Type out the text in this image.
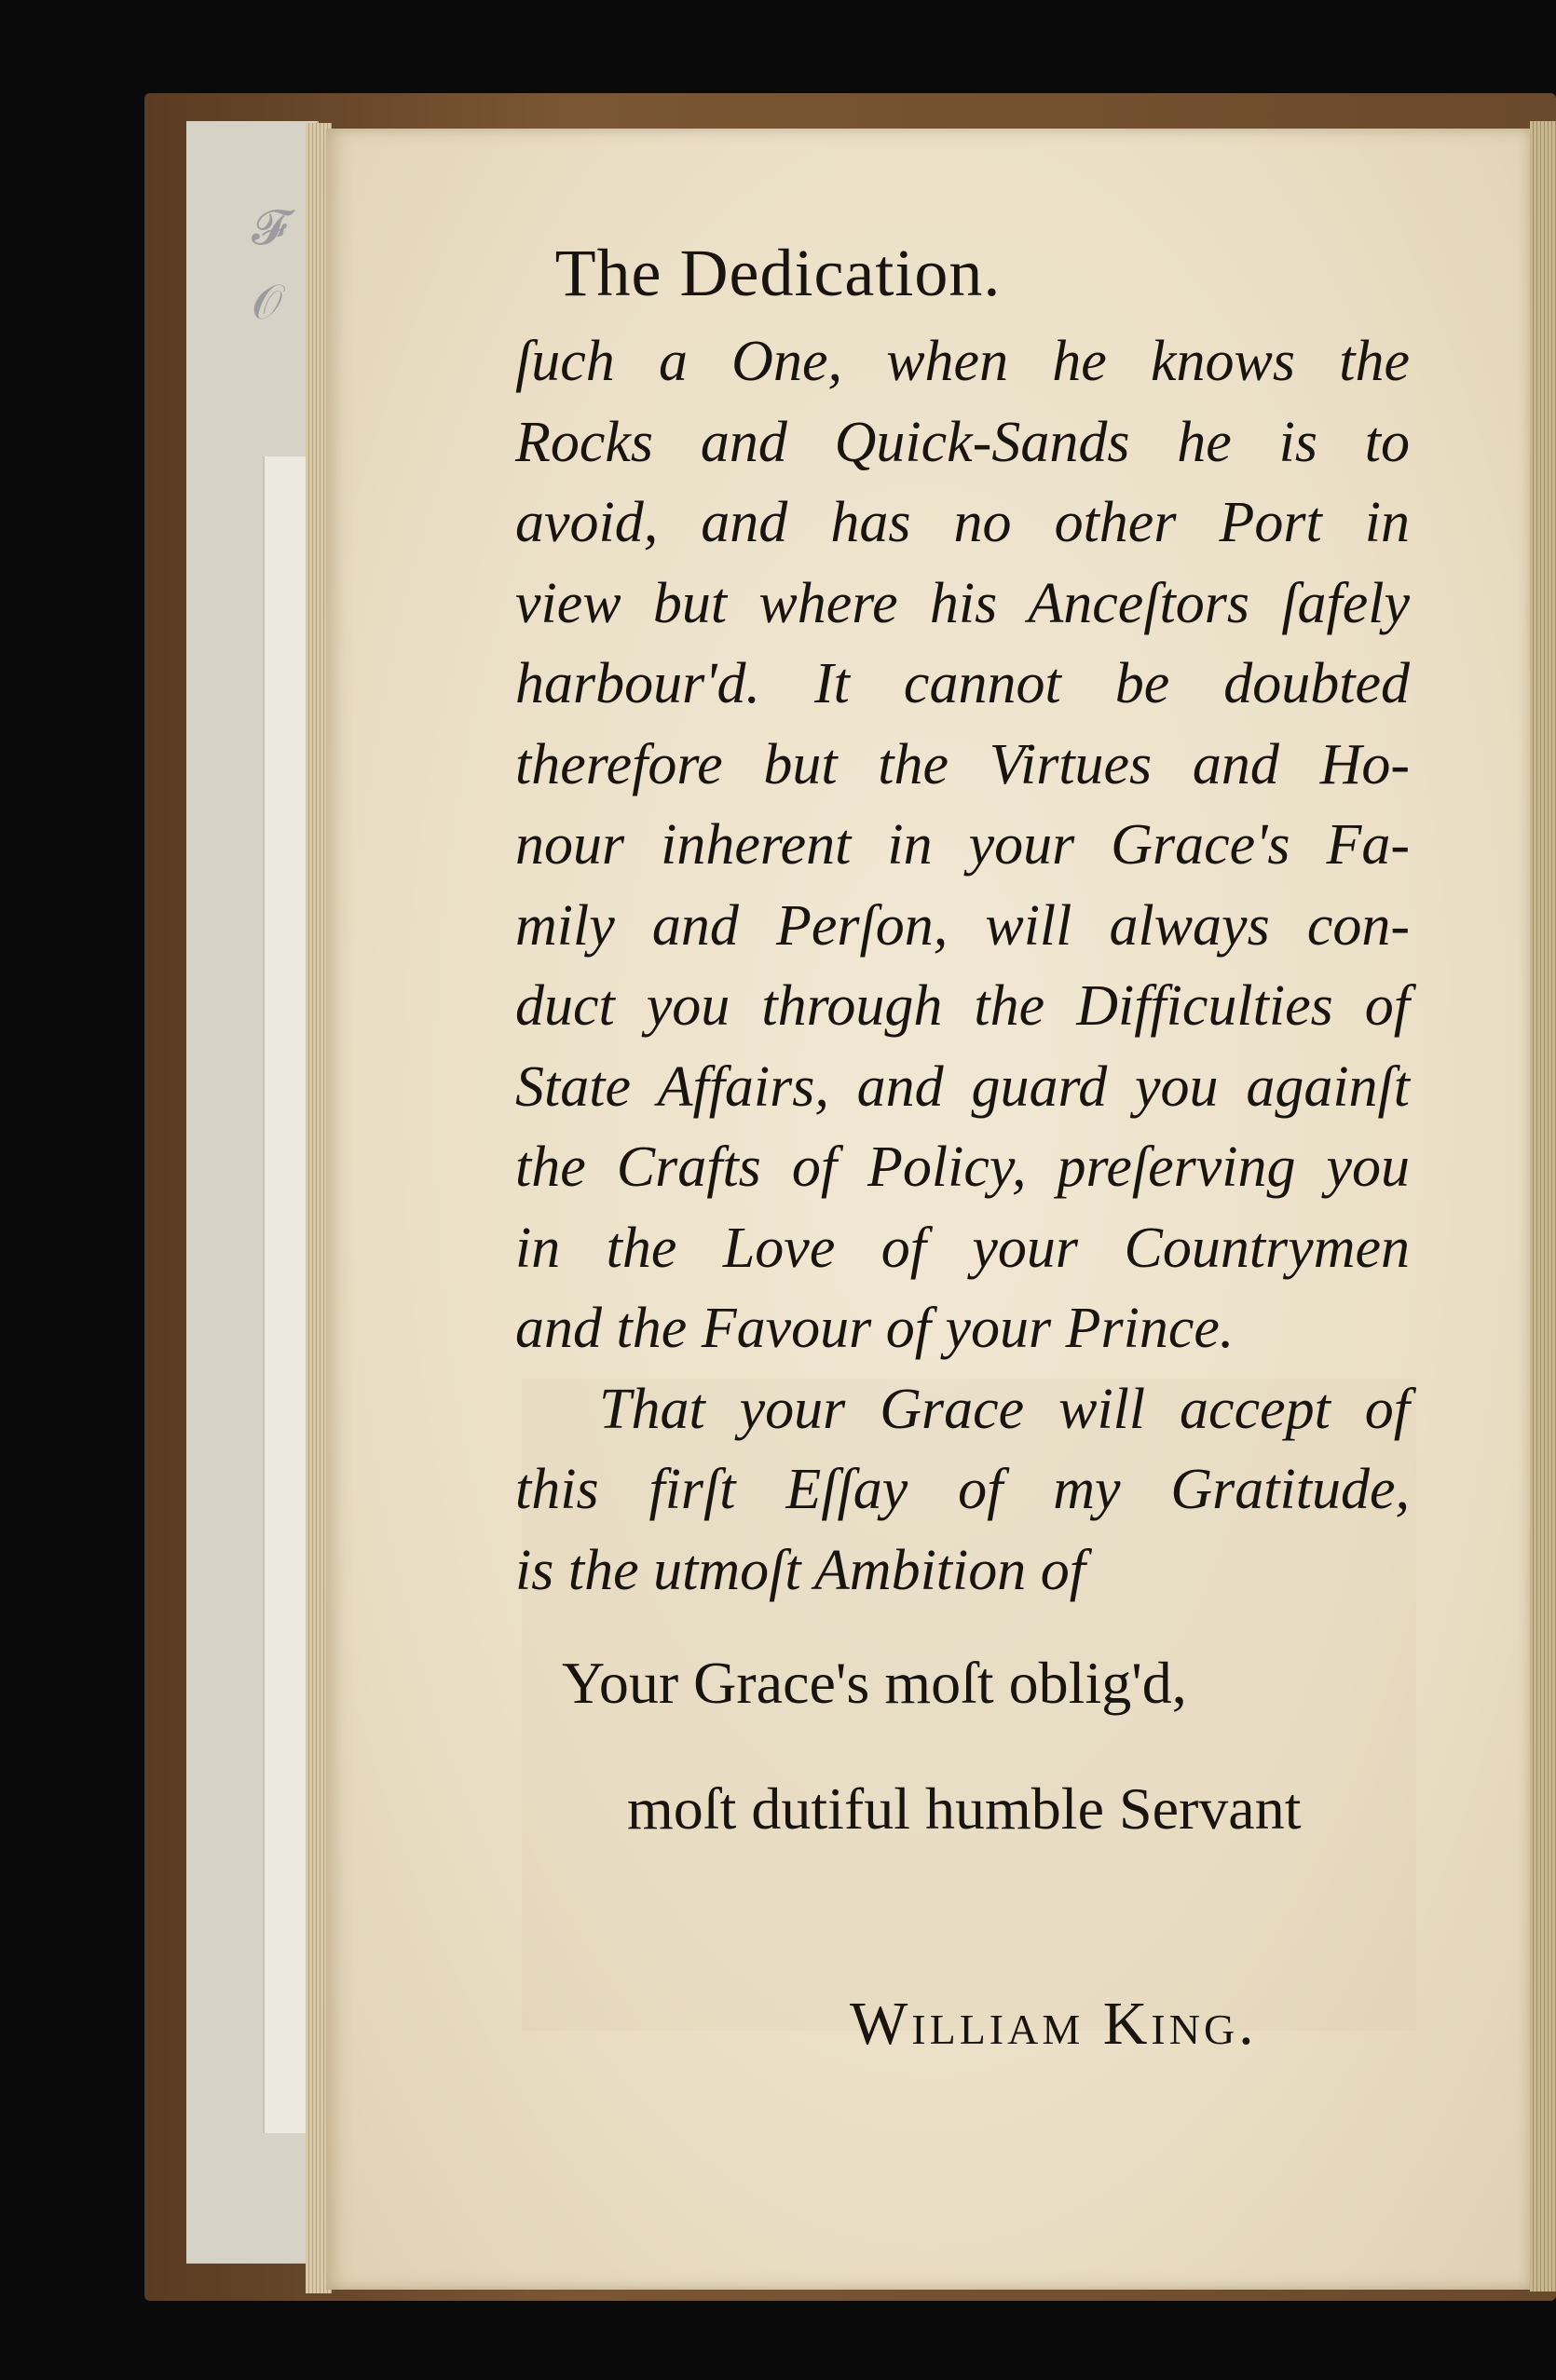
𝓕
𝒪	The Dedication.
ſuch a One, when he knows the
Rocks and Quick-Sands he is to
avoid, and has no other Port in
view but where his Anceſtors ſafely
harbour'd. It cannot be doubted
therefore but the Virtues and Ho-
nour inherent in your Grace's Fa-
mily and Perſon, will always con-
duct you through the Difficulties of
State Affairs, and guard you againſt
the Crafts of Policy, preſerving you
in the Love of your Countrymen
and the Favour of your Prince.
That your Grace will accept of
this firſt Eſſay of my Gratitude,
is the utmoſt Ambition of
Your Grace's moſt oblig'd,
moſt dutiful humble Servant
William King.
